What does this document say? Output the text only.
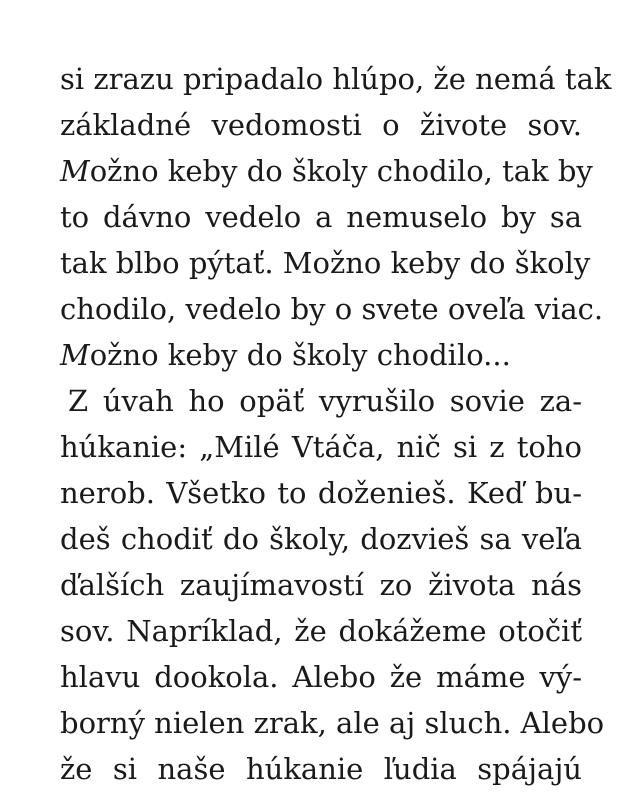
si zrazu pripadalo hlúpo, že nemá tak
základné vedomosti o živote sov.
Možno keby do školy chodilo, tak by
to dávno vedelo a nemuselo by sa
tak blbo pýtať. Možno keby do školy
chodilo, vedelo by o svete oveľa viac.
Možno keby do školy chodilo...
Z úvah ho opäť vyrušilo sovie za-
húkanie: „Milé Vtáča, nič si z toho
nerob. Všetko to doženieš. Keď bu-
deš chodiť do školy, dozvieš sa veľa
ďalších zaujímavostí zo života nás
sov. Napríklad, že dokážeme otočiť
hlavu dookola. Alebo že máme vý-
borný nielen zrak, ale aj sluch. Alebo
že si naše húkanie ľudia spájajú
